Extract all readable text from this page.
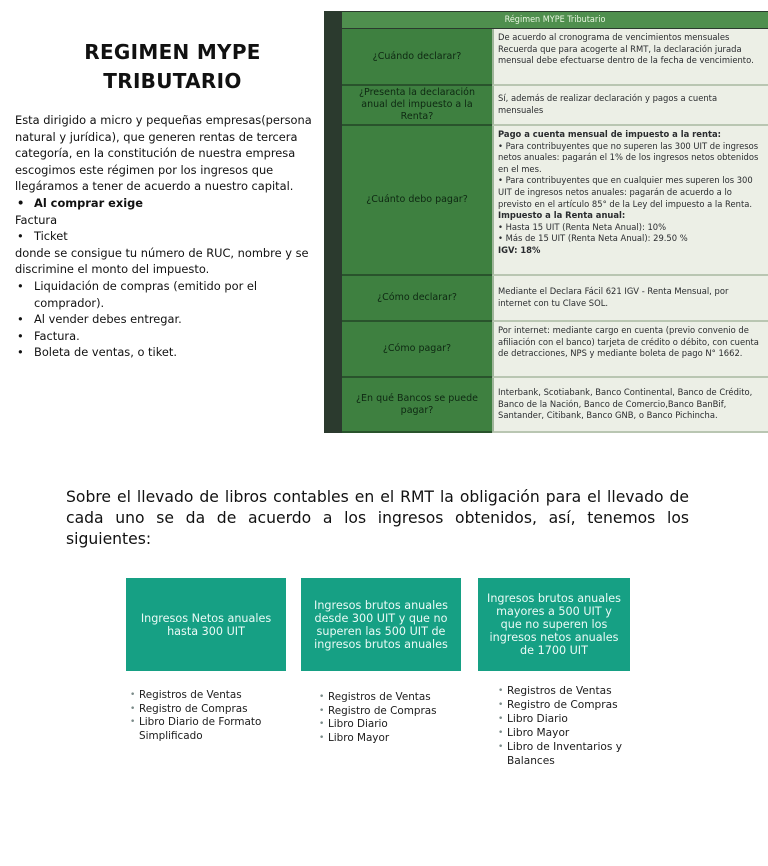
REGIMEN MYPE TRIBUTARIO

Esta dirigido a micro y pequeñas empresas(persona natural y jurídica), que generen rentas de tercera categoría, en la constitución de nuestra empresa escogimos este régimen por los ingresos que llegáramos a tener de acuerdo a nuestro capital.

• Al comprar exige

Factura

• Ticket

donde se consigue tu número de RUC, nombre y se discrimine el monto del impuesto.

• Liquidación de compras (emitido por el comprador).
• Al vender debes entregar.
• Factura.
• Boleta de ventas, o tiket.
Régimen MYPE Tributario
¿Cuándo declarar?

De acuerdo al cronograma de vencimientos mensuales

Recuerda que para acogerte al RMT, la declaración jurada mensual debe efectuarse dentro de la fecha de vencimiento.

¿Presenta la declaración anual del impuesto a la Renta?

Sí, además de realizar declaración y pagos a cuenta mensuales

¿Cuánto debo pagar?

Pago a cuenta mensual de impuesto a la renta:

• Para contribuyentes que no superen las 300 UIT de ingresos netos anuales: pagarán el 1% de los ingresos netos obtenidos en el mes.

• Para contribuyentes que en cualquier mes superen los 300 UIT de ingresos netos anuales: pagarán de acuerdo a lo previsto en el artículo 85° de la Ley del impuesto a la Renta.

Impuesto a la Renta anual:

• Hasta 15 UIT (Renta Neta Anual): 10%

• Más de 15 UIT (Renta Neta Anual): 29.50 %

IGV: 18%

¿Cómo declarar?

Mediante el Declara Fácil 621 IGV - Renta Mensual, por internet con tu Clave SOL.

¿Cómo pagar?

Por internet: mediante cargo en cuenta (previo convenio de afiliación con el banco) tarjeta de crédito o débito, con cuenta de detracciones, NPS y mediante boleta de pago N° 1662.

¿En qué Bancos se puede pagar?

Interbank, Scotiabank, Banco Continental, Banco de Crédito, Banco de la Nación, Banco de Comercio,Banco BanBif, Santander, Citibank, Banco GNB, o Banco Pichincha.

Sobre el llevado de libros contables en el RMT la obligación para el llevado de cada uno se da de acuerdo a los ingresos obtenidos, así, tenemos los siguientes:
Ingresos Netos anuales hasta 300 UIT
• Registros de Ventas
• Registro de Compras
• Libro Diario de Formato Simplificado
Ingresos brutos anuales desde 300 UIT y que no superen las 500 UIT de ingresos brutos anuales
• Registros de Ventas
• Registro de Compras
• Libro Diario
• Libro Mayor
Ingresos brutos anuales mayores a 500 UIT y que no superen los ingresos netos anuales de 1700 UIT
• Registros de Ventas
• Registro de Compras
• Libro Diario
• Libro Mayor
• Libro de Inventarios y Balances
